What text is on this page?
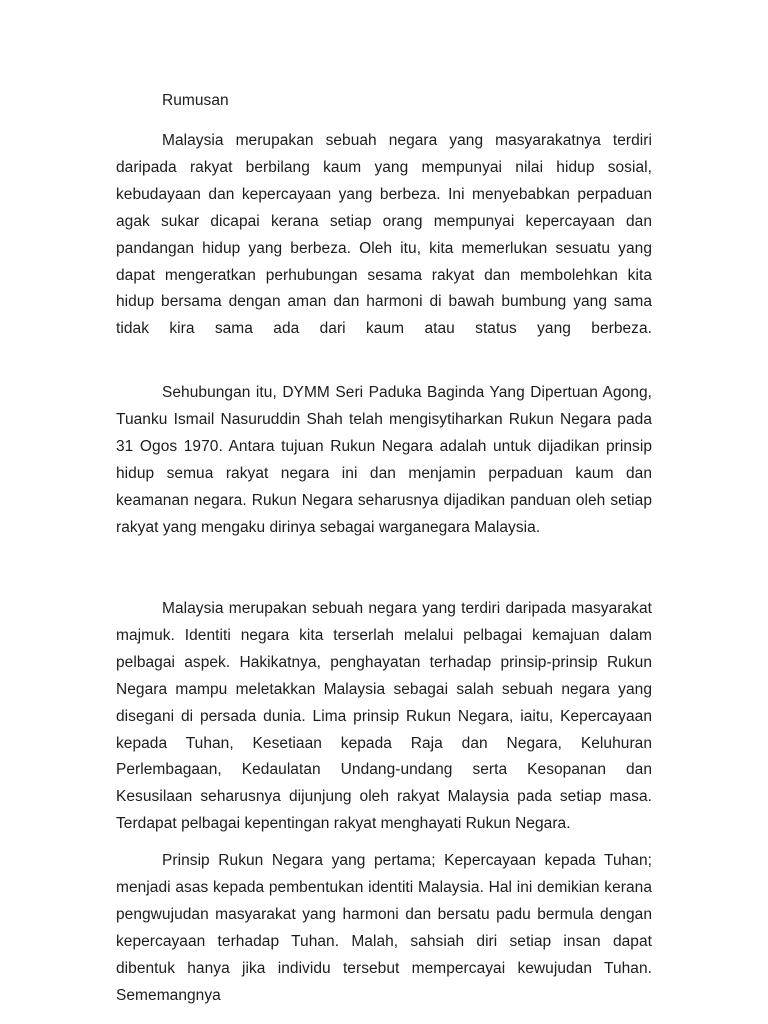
Rumusan

Malaysia merupakan sebuah negara yang masyarakatnya terdiri daripada rakyat berbilang kaum yang mempunyai nilai hidup sosial, kebudayaan dan kepercayaan yang berbeza. Ini menyebabkan perpaduan agak sukar dicapai kerana setiap orang mempunyai kepercayaan dan pandangan hidup yang berbeza. Oleh itu, kita memerlukan sesuatu yang dapat mengeratkan perhubungan sesama rakyat dan membolehkan kita hidup bersama dengan aman dan harmoni di bawah bumbung yang sama tidak kira sama ada dari kaum atau status yang berbeza.

Sehubungan itu, DYMM Seri Paduka Baginda Yang Dipertuan Agong, Tuanku Ismail Nasuruddin Shah telah mengisytiharkan Rukun Negara pada 31 Ogos 1970. Antara tujuan Rukun Negara adalah untuk dijadikan prinsip hidup semua rakyat negara ini dan menjamin perpaduan kaum dan keamanan negara. Rukun Negara seharusnya dijadikan panduan oleh setiap rakyat yang mengaku dirinya sebagai warganegara Malaysia.

Malaysia merupakan sebuah negara yang terdiri daripada masyarakat majmuk. Identiti negara kita terserlah melalui pelbagai kemajuan dalam pelbagai aspek. Hakikatnya, penghayatan terhadap prinsip-prinsip Rukun Negara mampu meletakkan Malaysia sebagai salah sebuah negara yang disegani di persada dunia. Lima prinsip Rukun Negara, iaitu, Kepercayaan kepada Tuhan, Kesetiaan kepada Raja dan Negara, Keluhuran Perlembagaan, Kedaulatan Undang-undang serta Kesopanan dan Kesusilaan seharusnya dijunjung oleh rakyat Malaysia pada setiap masa. Terdapat pelbagai kepentingan rakyat menghayati Rukun Negara.

Prinsip Rukun Negara yang pertama; Kepercayaan kepada Tuhan; menjadi asas kepada pembentukan identiti Malaysia. Hal ini demikian kerana pengwujudan masyarakat yang harmoni dan bersatu padu bermula dengan kepercayaan terhadap Tuhan. Malah, sahsiah diri setiap insan dapat dibentuk hanya jika individu tersebut mempercayai kewujudan Tuhan. Sememangnya
